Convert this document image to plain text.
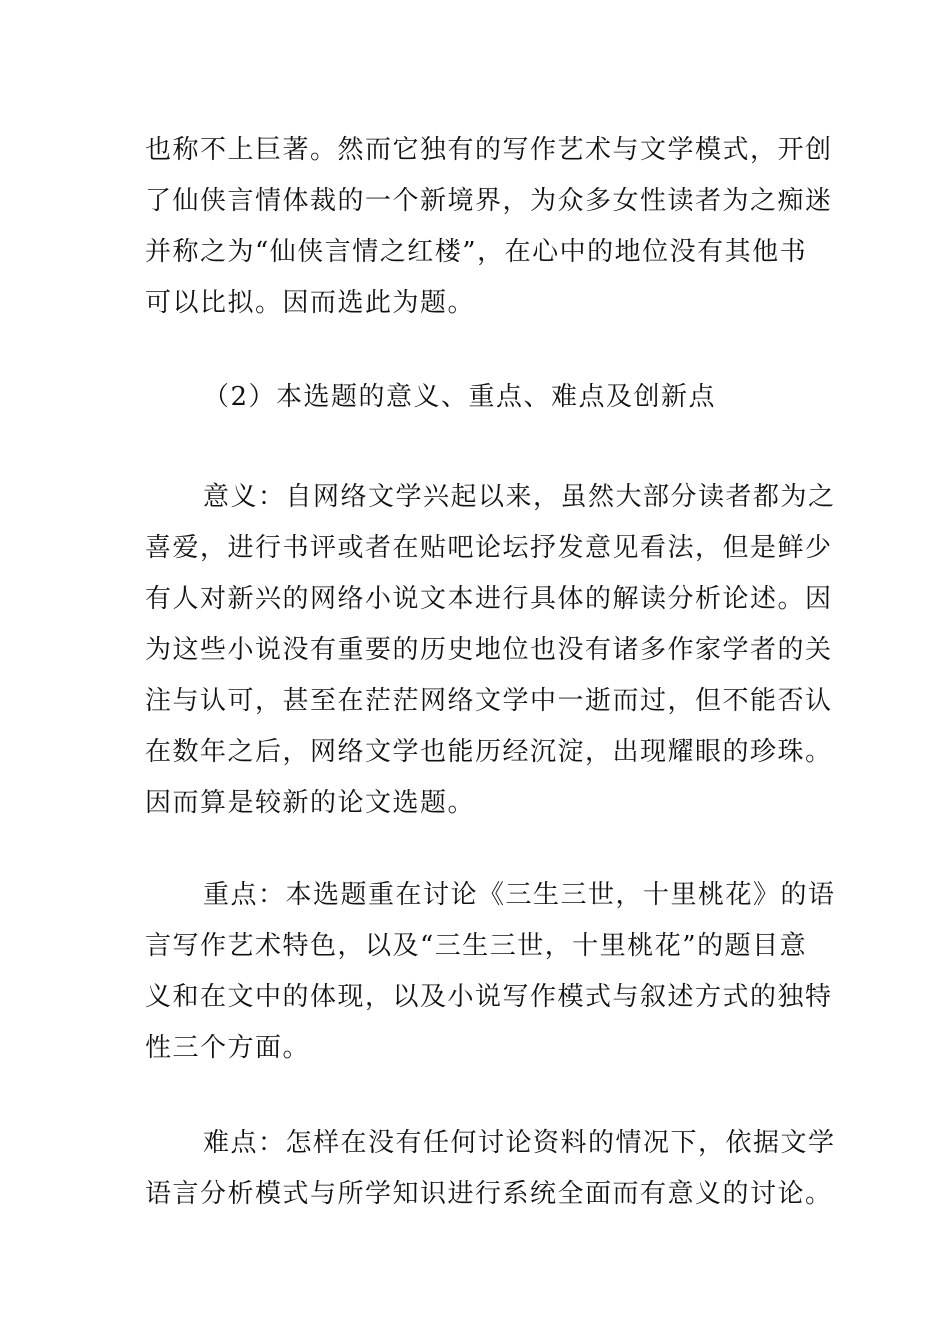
也称不上巨著。然而它独有的写作艺术与文学模式，开创
了仙侠言情体裁的一个新境界，为众多女性读者为之痴迷
并称之为“仙侠言情之红楼”，在心中的地位没有其他书
可以比拟。因而选此为题。
（2）本选题的意义、重点、难点及创新点
意义：自网络文学兴起以来，虽然大部分读者都为之
喜爱，进行书评或者在贴吧论坛抒发意见看法，但是鲜少
有人对新兴的网络小说文本进行具体的解读分析论述。因
为这些小说没有重要的历史地位也没有诸多作家学者的关
注与认可，甚至在茫茫网络文学中一逝而过，但不能否认
在数年之后，网络文学也能历经沉淀，出现耀眼的珍珠。
因而算是较新的论文选题。
重点：本选题重在讨论《三生三世，十里桃花》的语
言写作艺术特色，以及“三生三世，十里桃花”的题目意
义和在文中的体现，以及小说写作模式与叙述方式的独特
性三个方面。
难点：怎样在没有任何讨论资料的情况下，依据文学
语言分析模式与所学知识进行系统全面而有意义的讨论。
